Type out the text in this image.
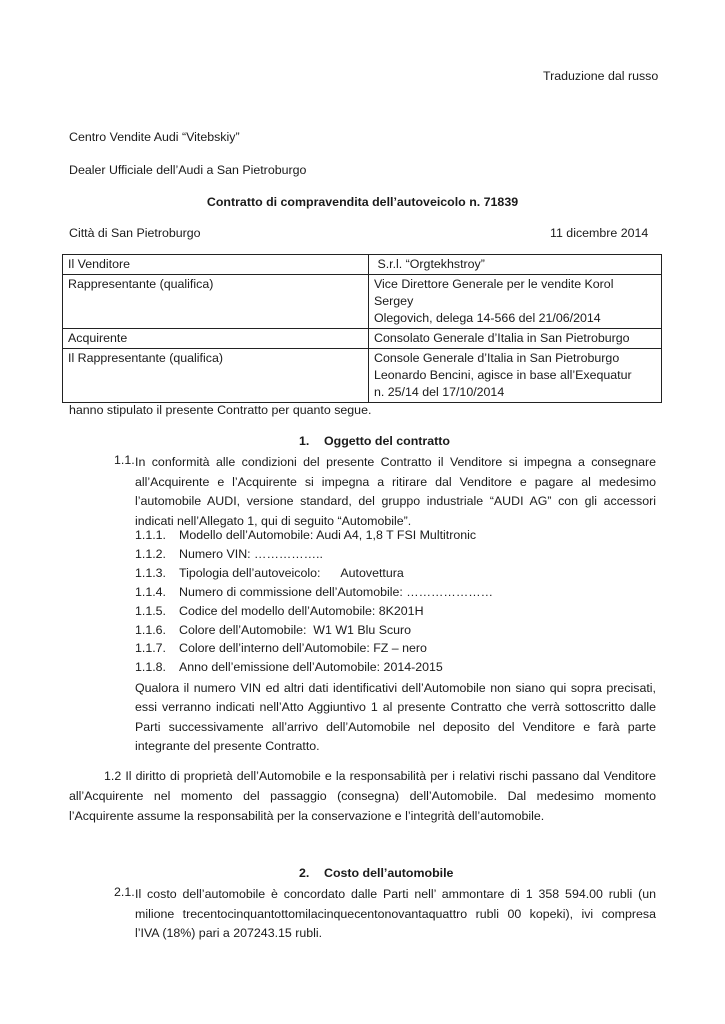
Traduzione dal russo
Centro Vendite Audi “Vitebskiy”
Dealer Ufficiale dell’Audi a San Pietroburgo
Contratto di compravendita dell’autoveicolo n. 71839
Città di San Pietroburgo	11 dicembre 2014
Il Venditore	S.r.l. “Orgtekhstroy”
Rappresentante (qualifica)	Vice Direttore Generale per le vendite Korol Sergey
Olegovich, delega 14-566 del 21/06/2014

Acquirente	Consolato Generale d’Italia in San Pietroburgo

Il Rappresentante (qualifica)	Console Generale d’Italia in San Pietroburgo
Leonardo Bencini, agisce in base all’Exequatur
n. 25/14 del 17/10/2014
hanno stipulato il presente Contratto per quanto segue.
1. Oggetto del contratto
1.1. In conformità alle condizioni del presente Contratto il Venditore si impegna a consegnare
all’Acquirente e l’Acquirente si impegna a ritirare dal Venditore e pagare al medesimo
l’automobile AUDI, versione standard, del gruppo industriale “AUDI AG” con gli accessori
indicati nell’Allegato 1, qui di seguito “Automobile”.
1.1.1. Modello dell’Automobile: Audi A4, 1,8 T FSI Multitronic
1.1.2. Numero VIN: ……………..
1.1.3. Tipologia dell’autoveicolo:      Autovettura
1.1.4. Numero di commissione dell’Automobile: …………………
1.1.5. Codice del modello dell’Automobile: 8K201H
1.1.6. Colore dell’Automobile:  W1 W1 Blu Scuro
1.1.7. Colore dell’interno dell’Automobile: FZ – nero
1.1.8. Anno dell’emissione dell’Automobile: 2014-2015
Qualora il numero VIN ed altri dati identificativi dell’Automobile non siano qui sopra precisati,
essi verranno indicati nell’Atto Aggiuntivo 1 al presente Contratto che verrà sottoscritto dalle
Parti successivamente all’arrivo dell’Automobile nel deposito del Venditore e farà parte
integrante del presente Contratto.
1.2 Il diritto di proprietà dell’Automobile e la responsabilità per i relativi rischi passano dal Venditore
all’Acquirente nel momento del passaggio (consegna) dell’Automobile. Dal medesimo momento
l’Acquirente assume la responsabilità per la conservazione e l’integrità dell’automobile.
2. Costo dell’automobile
2.1. Il costo dell’automobile è concordato dalle Parti nell’ ammontare di 1 358 594.00 rubli (un
milione trecentocinquantottomilacinquecentonovantaquattro rubli 00 kopeki), ivi compresa
l’IVA (18%) pari a 207243.15 rubli.
